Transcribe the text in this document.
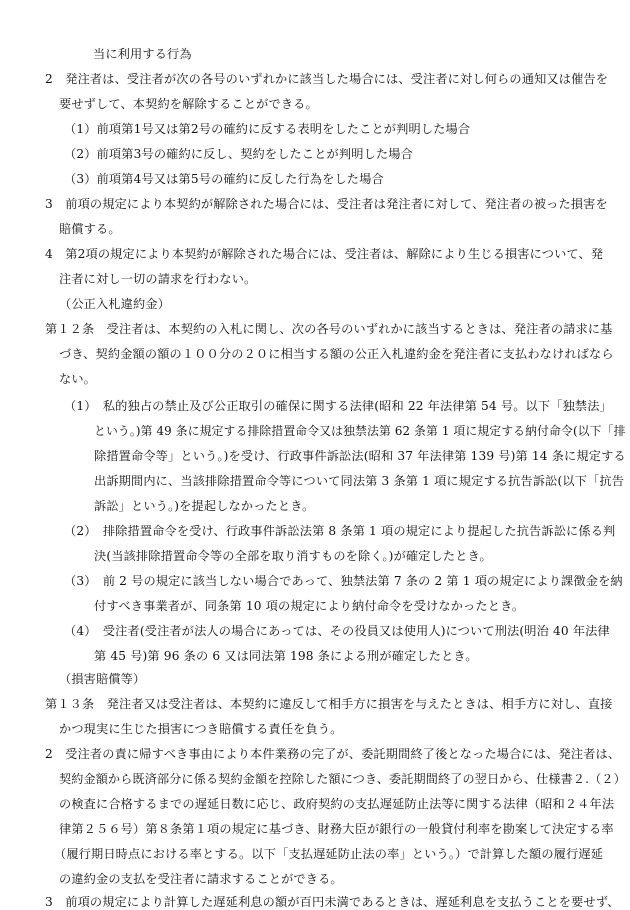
当に利用する行為
2　発注者は、受注者が次の各号のいずれかに該当した場合には、受注者に対し何らの通知又は催告を
要せずして、本契約を解除することができる。
（1）前項第1号又は第2号の確約に反する表明をしたことが判明した場合
（2）前項第3号の確約に反し、契約をしたことが判明した場合
（3）前項第4号又は第5号の確約に反した行為をした場合
3　前項の規定により本契約が解除された場合には、受注者は発注者に対して、発注者の被った損害を
賠償する。
4　第2項の規定により本契約が解除された場合には、受注者は、解除により生じる損害について、発
注者に対し一切の請求を行わない。
（公正入札違約金）
第１２条　受注者は、本契約の入札に関し、次の各号のいずれかに該当するときは、発注者の請求に基
づき、契約金額の額の１００分の２０に相当する額の公正入札違約金を発注者に支払わなければなら
ない。
（1）　私的独占の禁止及び公正取引の確保に関する法律(昭和 22 年法律第 54 号。以下「独禁法」
という。)第 49 条に規定する排除措置命令又は独禁法第 62 条第 1 項に規定する納付命令(以下「排
除措置命令等」という。)を受け、行政事件訴訟法(昭和 37 年法律第 139 号)第 14 条に規定する
出訴期間内に、当該排除措置命令等について同法第 3 条第 1 項に規定する抗告訴訟(以下「抗告
訴訟」という。)を提起しなかったとき。
（2）　排除措置命令を受け、行政事件訴訟法第 8 条第 1 項の規定により提起した抗告訴訟に係る判
決(当該排除措置命令等の全部を取り消すものを除く。)が確定したとき。
（3）　前 2 号の規定に該当しない場合であって、独禁法第 7 条の 2 第 1 項の規定により課徴金を納
付すべき事業者が、同条第 10 項の規定により納付命令を受けなかったとき。
（4）　受注者(受注者が法人の場合にあっては、その役員又は使用人)について刑法(明治 40 年法律
第 45 号)第 96 条の 6 又は同法第 198 条による刑が確定したとき。
（損害賠償等）
第１３条　発注者又は受注者は、本契約に違反して相手方に損害を与えたときは、相手方に対し、直接
かつ現実に生じた損害につき賠償する責任を負う。
2　受注者の責に帰すべき事由により本件業務の完了が、委託期間終了後となった場合には、発注者は、
契約金額から既済部分に係る契約金額を控除した額につき、委託期間終了の翌日から、仕様書２.（２）
の検査に合格するまでの遅延日数に応じ、政府契約の支払遅延防止法等に関する法律（昭和２４年法
律第２５６号）第８条第１項の規定に基づき、財務大臣が銀行の一般貸付利率を勘案して決定する率
（履行期日時点における率とする。以下「支払遅延防止法の率」という。）で計算した額の履行遅延
の違約金の支払を受注者に請求することができる。
3　前項の規定により計算した遅延利息の額が百円未満であるときは、遅延利息を支払うことを要せず、
